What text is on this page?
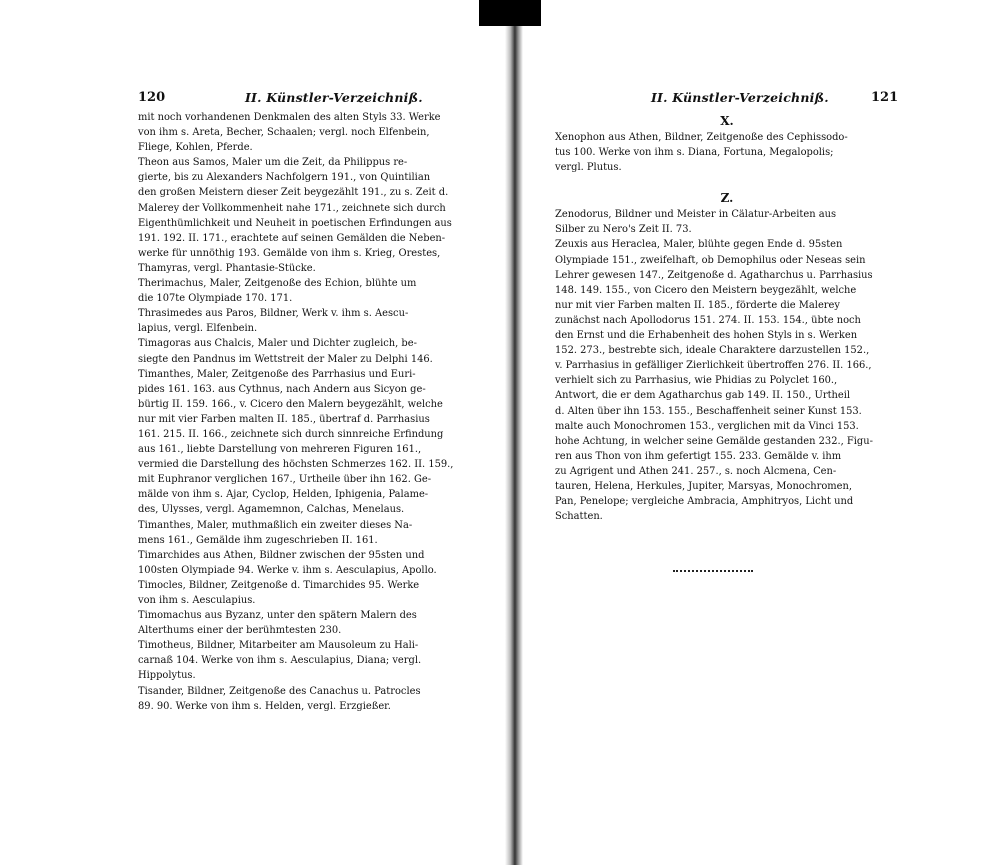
120	II. Künstler-Verzeichniß.

mit noch vorhandenen Denkmalen des alten Styls 33. Werke

von ihm s. Areta, Becher, Schaalen; vergl. noch Elfenbein,

Fliege, Kohlen, Pferde.

Theon aus Samos, Maler um die Zeit, da Philippus re-

gierte, bis zu Alexanders Nachfolgern 191., von Quintilian

den großen Meistern dieser Zeit beygezählt 191., zu s. Zeit d.

Malerey der Vollkommenheit nahe 171., zeichnete sich durch

Eigenthümlichkeit und Neuheit in poetischen Erfindungen aus

191. 192. II. 171., erachtete auf seinen Gemälden die Neben-

werke für unnöthig 193. Gemälde von ihm s. Krieg, Orestes,

Thamyras, vergl. Phantasie-Stücke.

Therimachus, Maler, Zeitgenoße des Echion, blühte um

die 107te Olympiade 170. 171.

Thrasimedes aus Paros, Bildner, Werk v. ihm s. Aescu-

lapius, vergl. Elfenbein.

Timagoras aus Chalcis, Maler und Dichter zugleich, be-

siegte den Pandnus im Wettstreit der Maler zu Delphi 146.

Timanthes, Maler, Zeitgenoße des Parrhasius und Euri-

pides 161. 163. aus Cythnus, nach Andern aus Sicyon ge-

bürtig II. 159. 166., v. Cicero den Malern beygezählt, welche

nur mit vier Farben malten II. 185., übertraf d. Parrhasius

161. 215. II. 166., zeichnete sich durch sinnreiche Erfindung

aus 161., liebte Darstellung von mehreren Figuren 161.,

vermied die Darstellung des höchsten Schmerzes 162. II. 159.,

mit Euphranor verglichen 167., Urtheile über ihn 162. Ge-

mälde von ihm s. Ajar, Cyclop, Helden, Iphigenia, Palame-

des, Ulysses, vergl. Agamemnon, Calchas, Menelaus.

Timanthes, Maler, muthmaßlich ein zweiter dieses Na-

mens 161., Gemälde ihm zugeschrieben II. 161.

Timarchides aus Athen, Bildner zwischen der 95sten und

100sten Olympiade 94. Werke v. ihm s. Aesculapius, Apollo.

Timocles, Bildner, Zeitgenoße d. Timarchides 95. Werke

von ihm s. Aesculapius.

Timomachus aus Byzanz, unter den spätern Malern des

Alterthums einer der berühmtesten 230.

Timotheus, Bildner, Mitarbeiter am Mausoleum zu Hali-

carnaß 104. Werke von ihm s. Aesculapius, Diana; vergl.

Hippolytus.

Tisander, Bildner, Zeitgenoße des Canachus u. Patrocles

89. 90. Werke von ihm s. Helden, vergl. Erzgießer.

II. Künstler-Verzeichniß.	121

X.

Xenophon aus Athen, Bildner, Zeitgenoße des Cephissodo-

tus 100. Werke von ihm s. Diana, Fortuna, Megalopolis;

vergl. Plutus.

Z.

Zenodorus, Bildner und Meister in Cälatur-Arbeiten aus

Silber zu Nero's Zeit II. 73.

Zeuxis aus Heraclea, Maler, blühte gegen Ende d. 95sten

Olympiade 151., zweifelhaft, ob Demophilus oder Neseas sein

Lehrer gewesen 147., Zeitgenoße d. Agatharchus u. Parrhasius

148. 149. 155., von Cicero den Meistern beygezählt, welche

nur mit vier Farben malten II. 185., förderte die Malerey

zunächst nach Apollodorus 151. 274. II. 153. 154., übte noch

den Ernst und die Erhabenheit des hohen Styls in s. Werken

152. 273., bestrebte sich, ideale Charaktere darzustellen 152.,

v. Parrhasius in gefälliger Zierlichkeit übertroffen 276. II. 166.,

verhielt sich zu Parrhasius, wie Phidias zu Polyclet 160.,

Antwort, die er dem Agatharchus gab 149. II. 150., Urtheil

d. Alten über ihn 153. 155., Beschaffenheit seiner Kunst 153.

malte auch Monochromen 153., verglichen mit da Vinci 153.

hohe Achtung, in welcher seine Gemälde gestanden 232., Figu-

ren aus Thon von ihm gefertigt 155. 233. Gemälde v. ihm

zu Agrigent und Athen 241. 257., s. noch Alcmena, Cen-

tauren, Helena, Herkules, Jupiter, Marsyas, Monochromen,

Pan, Penelope; vergleiche Ambracia, Amphitryos, Licht und

Schatten.
